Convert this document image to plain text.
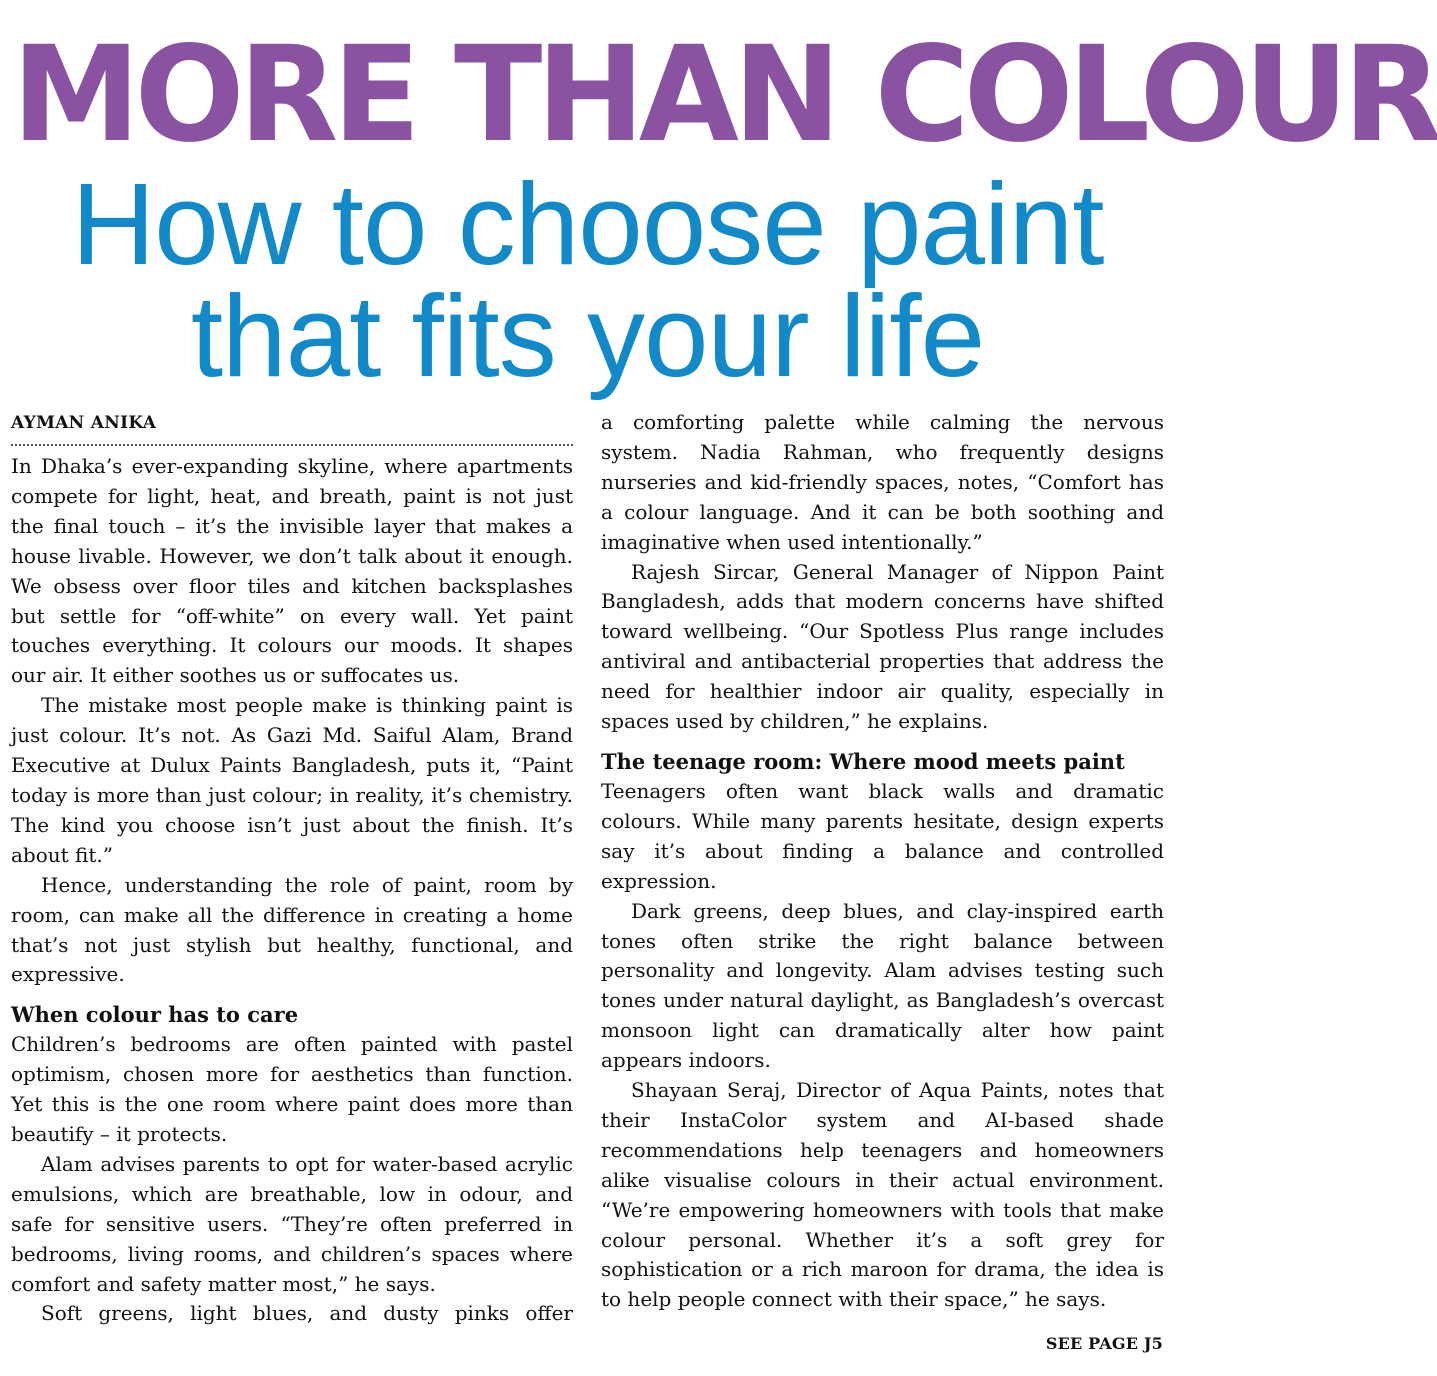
MORE THAN COLOUR
How to choose paint
that fits your life
AYMAN ANIKA

In Dhaka’s ever-expanding skyline, where apartments compete for light, heat, and breath, paint is not just the final touch – it’s the invisible layer that makes a house livable. However, we don’t talk about it enough. We obsess over floor tiles and kitchen backsplashes but settle for “off-white” on every wall. Yet paint touches everything. It colours our moods. It shapes our air. It either soothes us or suffocates us.

The mistake most people make is thinking paint is just colour. It’s not. As Gazi Md. Saiful Alam, Brand Executive at Dulux Paints Bangladesh, puts it, “Paint today is more than just colour; in reality, it’s chemistry. The kind you choose isn’t just about the finish. It’s about fit.”

Hence, understanding the role of paint, room by room, can make all the difference in creating a home that’s not just stylish but healthy, functional, and expressive.

When colour has to care

Children’s bedrooms are often painted with pastel optimism, chosen more for aesthetics than function. Yet this is the one room where paint does more than beautify – it protects.

Alam advises parents to opt for water-based acrylic emulsions, which are breathable, low in odour, and safe for sensitive users. “They’re often preferred in bedrooms, living rooms, and children’s spaces where comfort and safety matter most,” he says.

Soft greens, light blues, and dusty pinks offer

a comforting palette while calming the nervous system. Nadia Rahman, who frequently designs nurseries and kid-friendly spaces, notes, “Comfort has a colour language. And it can be both soothing and imaginative when used intentionally.”

Rajesh Sircar, General Manager of Nippon Paint Bangladesh, adds that modern concerns have shifted toward wellbeing. “Our Spotless Plus range includes antiviral and antibacterial properties that address the need for healthier indoor air quality, especially in spaces used by children,” he explains.

The teenage room: Where mood meets paint

Teenagers often want black walls and dramatic colours. While many parents hesitate, design experts say it’s about finding a balance and controlled expression.

Dark greens, deep blues, and clay-inspired earth tones often strike the right balance between personality and longevity. Alam advises testing such tones under natural daylight, as Bangladesh’s overcast monsoon light can dramatically alter how paint appears indoors.

Shayaan Seraj, Director of Aqua Paints, notes that their InstaColor system and AI-based shade recommendations help teenagers and homeowners alike visualise colours in their actual environment. “We’re empowering homeowners with tools that make colour personal. Whether it’s a soft grey for sophistication or a rich maroon for drama, the idea is to help people connect with their space,” he says.

SEE PAGE J5
